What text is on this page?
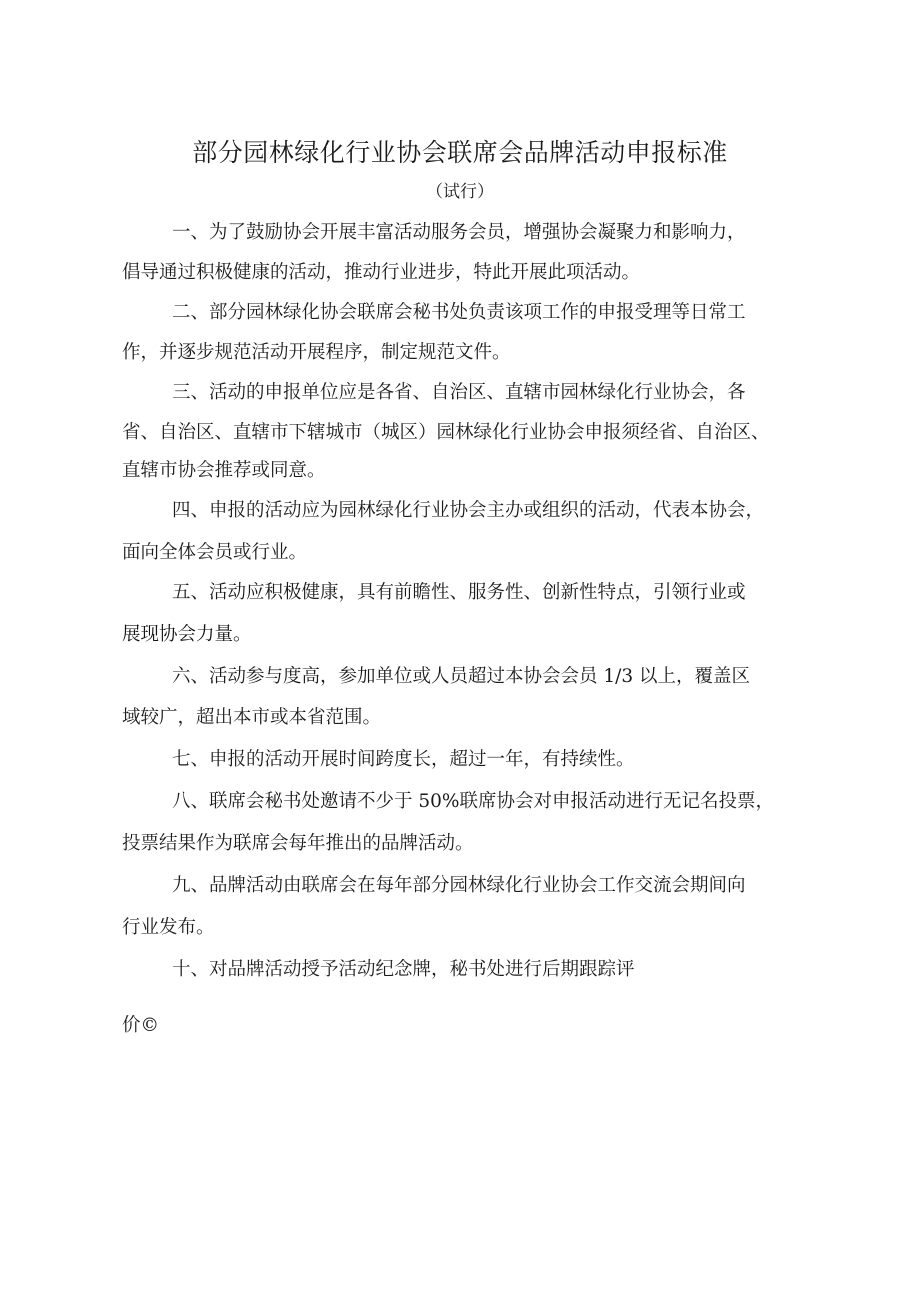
部分园林绿化行业协会联席会品牌活动申报标准
（试行）
一、为了鼓励协会开展丰富活动服务会员，增强协会凝聚力和影响力，
倡导通过积极健康的活动，推动行业进步，特此开展此项活动。
二、部分园林绿化协会联席会秘书处负责该项工作的申报受理等日常工
作，并逐步规范活动开展程序，制定规范文件。
三、活动的申报单位应是各省、自治区、直辖市园林绿化行业协会，各
省、自治区、直辖市下辖城市（城区）园林绿化行业协会申报须经省、自治区、
直辖市协会推荐或同意。
四、申报的活动应为园林绿化行业协会主办或组织的活动，代表本协会，
面向全体会员或行业。
五、活动应积极健康，具有前瞻性、服务性、创新性特点，引领行业或
展现协会力量。
六、活动参与度高，参加单位或人员超过本协会会员 1/3 以上，覆盖区
域较广，超出本市或本省范围。
七、申报的活动开展时间跨度长，超过一年，有持续性。
八、联席会秘书处邀请不少于 50%联席协会对申报活动进行无记名投票，
投票结果作为联席会每年推出的品牌活动。
九、品牌活动由联席会在每年部分园林绿化行业协会工作交流会期间向
行业发布。
十、对品牌活动授予活动纪念牌，秘书处进行后期跟踪评
价©
